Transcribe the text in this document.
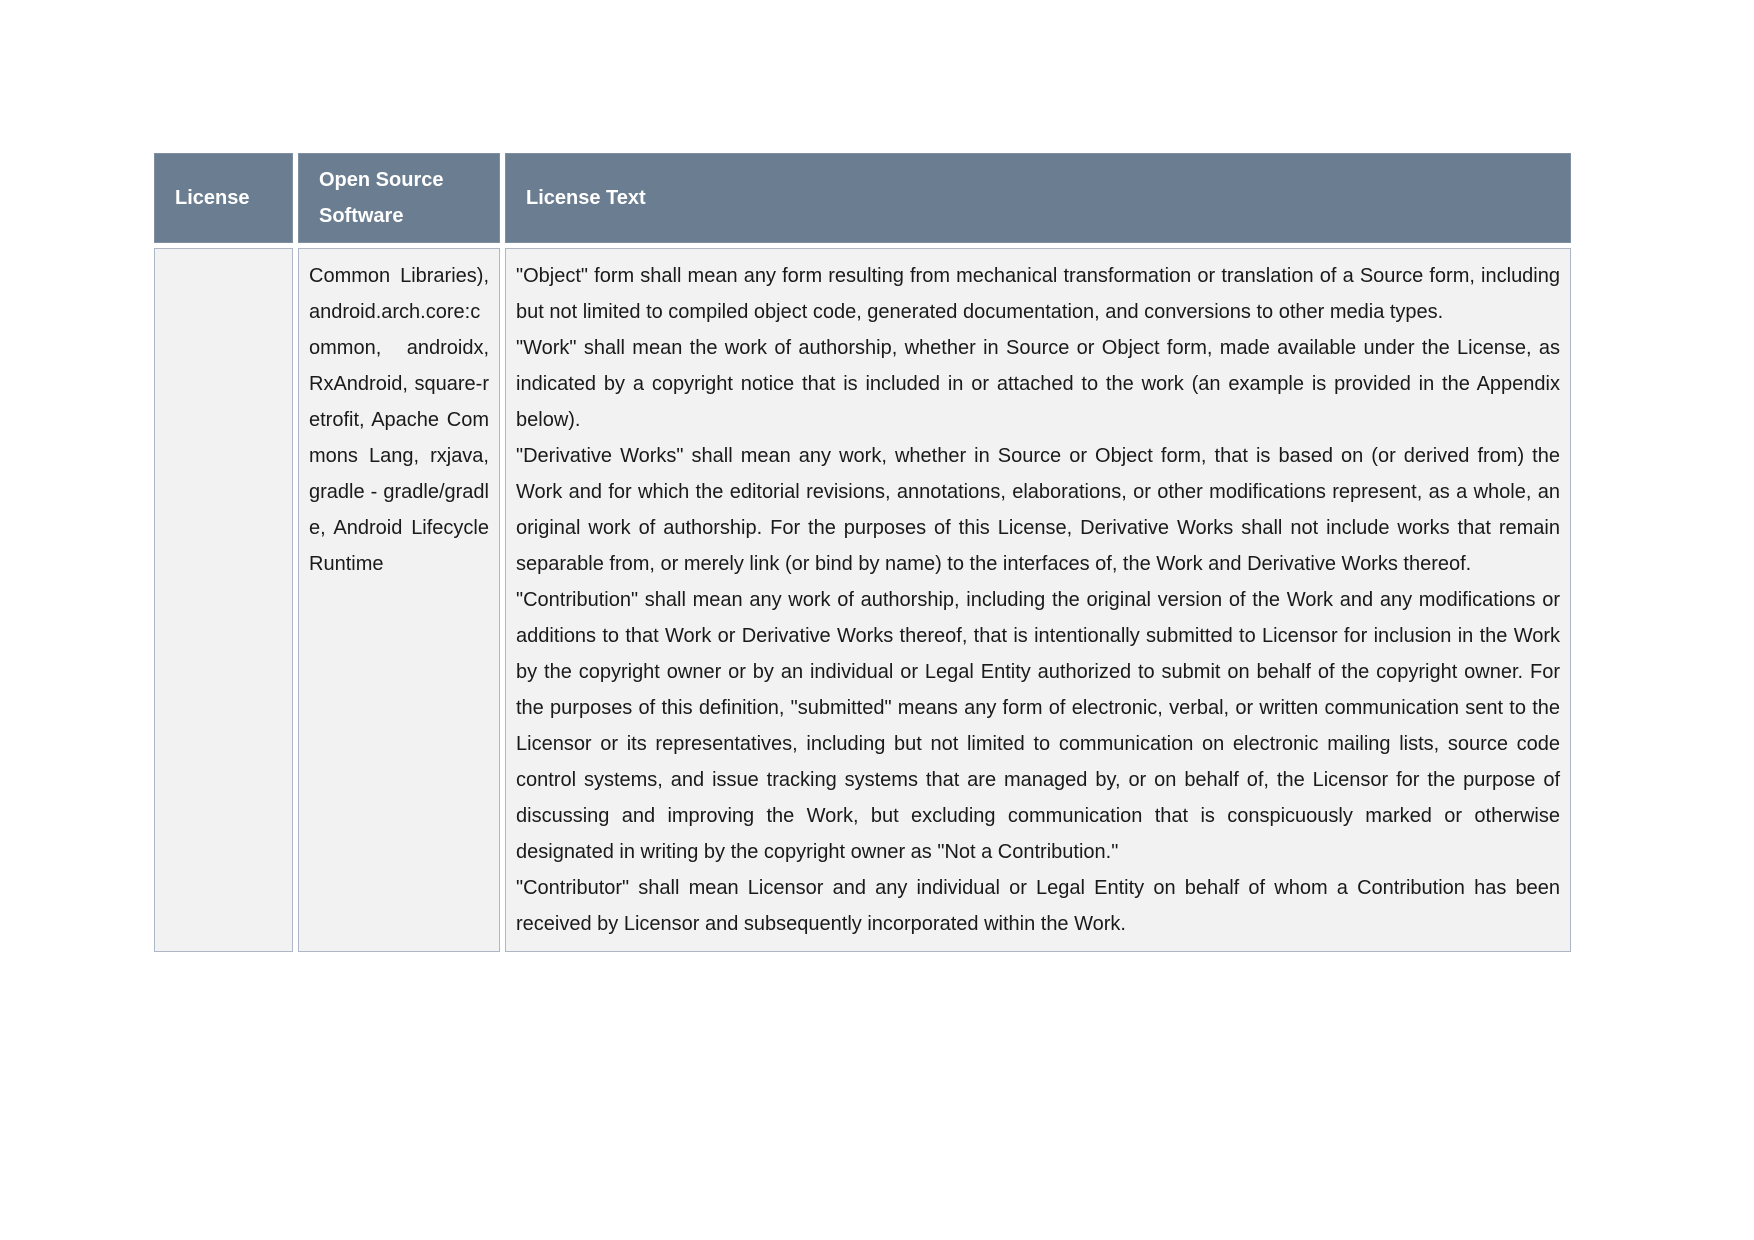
License	Open Source Software	License Text
	Common Libraries), android.arch.core:common, androidx, RxAndroid, square-retrofit, Apache Commons Lang, rxjava, gradle - gradle/gradle, Android Lifecycle Runtime	"Object" form shall mean any form resulting from mechanical transformation or translation of a Source form, including but not limited to compiled object code, generated documentation, and conversions to other media types.

"Work" shall mean the work of authorship, whether in Source or Object form, made available under the License, as indicated by a copyright notice that is included in or attached to the work (an example is provided in the Appendix below).

"Derivative Works" shall mean any work, whether in Source or Object form, that is based on (or derived from) the Work and for which the editorial revisions, annotations, elaborations, or other modifications represent, as a whole, an original work of authorship. For the purposes of this License, Derivative Works shall not include works that remain separable from, or merely link (or bind by name) to the interfaces of, the Work and Derivative Works thereof.

"Contribution" shall mean any work of authorship, including the original version of the Work and any modifications or additions to that Work or Derivative Works thereof, that is intentionally submitted to Licensor for inclusion in the Work by the copyright owner or by an individual or Legal Entity authorized to submit on behalf of the copyright owner. For the purposes of this definition, "submitted" means any form of electronic, verbal, or written communication sent to the Licensor or its representatives, including but not limited to communication on electronic mailing lists, source code control systems, and issue tracking systems that are managed by, or on behalf of, the Licensor for the purpose of discussing and improving the Work, but excluding communication that is conspicuously marked or otherwise designated in writing by the copyright owner as "Not a Contribution."

"Contributor" shall mean Licensor and any individual or Legal Entity on behalf of whom a Contribution has been received by Licensor and subsequently incorporated within the Work.
